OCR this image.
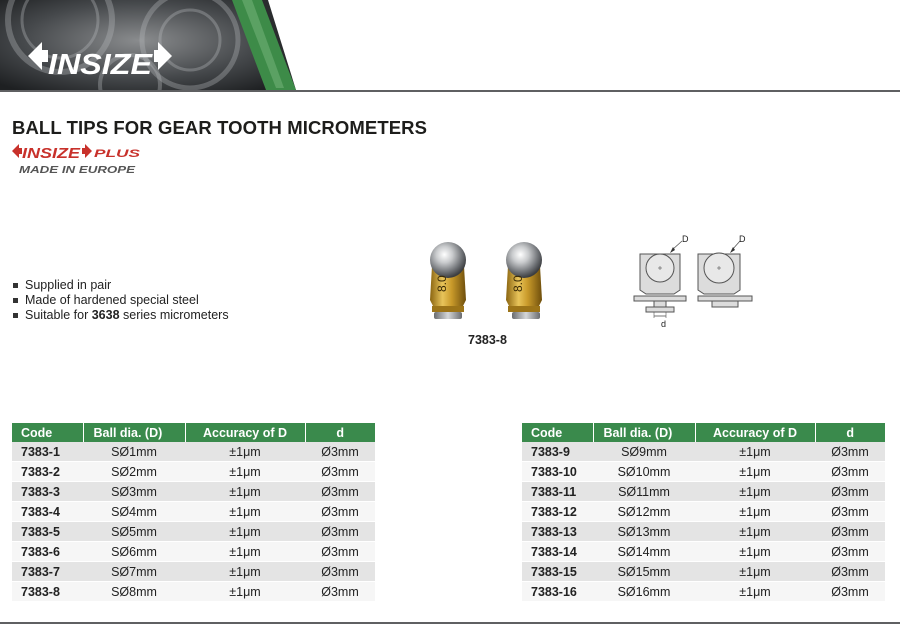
INSIZE
BALL TIPS FOR GEAR TOOTH MICROMETERS
INSIZE PLUS
MADE IN EUROPE
Supplied in pair
Made of hardened special steel
Suitable for 3638 series micrometers
8.0	8.0
7383-8
D
d
D
Code	Ball dia. (D)	Accuracy of D	d
7383-1	SØ1mm	±1μm	Ø3mm
7383-2	SØ2mm	±1μm	Ø3mm
7383-3	SØ3mm	±1μm	Ø3mm
7383-4	SØ4mm	±1μm	Ø3mm
7383-5	SØ5mm	±1μm	Ø3mm
7383-6	SØ6mm	±1μm	Ø3mm
7383-7	SØ7mm	±1μm	Ø3mm
7383-8	SØ8mm	±1μm	Ø3mm
Code	Ball dia. (D)	Accuracy of D	d
7383-9	SØ9mm	±1μm	Ø3mm
7383-10	SØ10mm	±1μm	Ø3mm
7383-11	SØ11mm	±1μm	Ø3mm
7383-12	SØ12mm	±1μm	Ø3mm
7383-13	SØ13mm	±1μm	Ø3mm
7383-14	SØ14mm	±1μm	Ø3mm
7383-15	SØ15mm	±1μm	Ø3mm
7383-16	SØ16mm	±1μm	Ø3mm
